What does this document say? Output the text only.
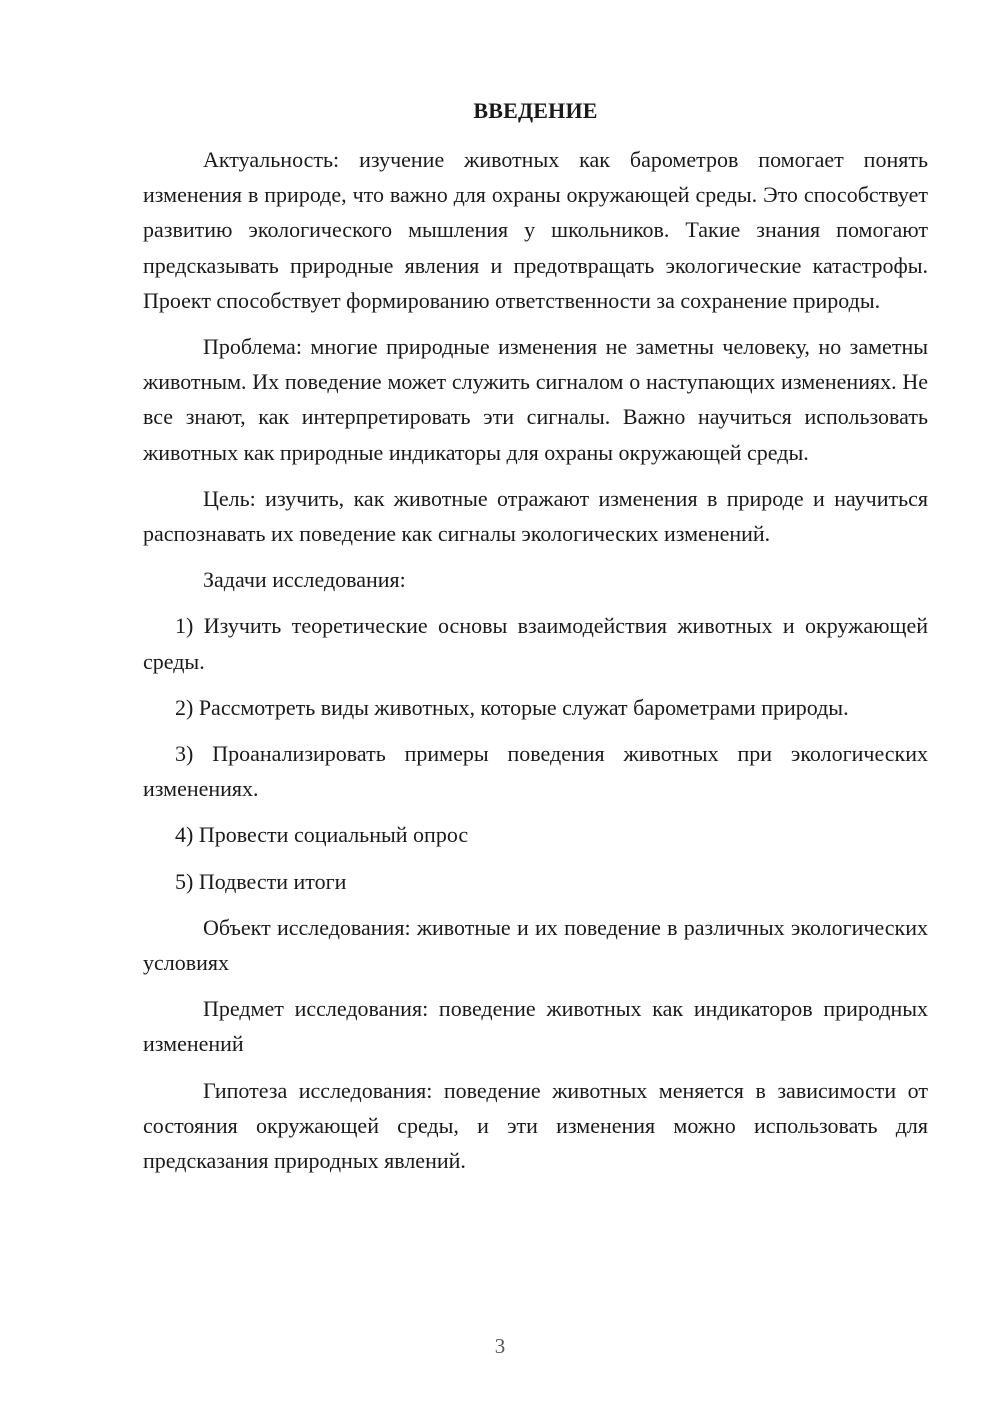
ВВЕДЕНИЕ

Актуальность: изучение животных как барометров помогает понять изменения в природе, что важно для охраны окружающей среды. Это способствует развитию экологического мышления у школьников. Такие знания помогают предсказывать природные явления и предотвращать экологические катастрофы. Проект способствует формированию ответственности за сохранение природы.

Проблема: многие природные изменения не заметны человеку, но заметны животным. Их поведение может служить сигналом о наступающих изменениях. Не все знают, как интерпретировать эти сигналы. Важно научиться использовать животных как природные индикаторы для охраны окружающей среды.

Цель: изучить, как животные отражают изменения в природе и научиться распознавать их поведение как сигналы экологических изменений.

Задачи исследования:

1) Изучить теоретические основы взаимодействия животных и окружающей среды.

2) Рассмотреть виды животных, которые служат барометрами природы.

3) Проанализировать примеры поведения животных при экологических изменениях.

4) Провести социальный опрос

5) Подвести итоги

Объект исследования: животные и их поведение в различных экологических условиях

Предмет исследования: поведение животных как индикаторов природных изменений

Гипотеза исследования: поведение животных меняется в зависимости от состояния окружающей среды, и эти изменения можно использовать для предсказания природных явлений.

3
